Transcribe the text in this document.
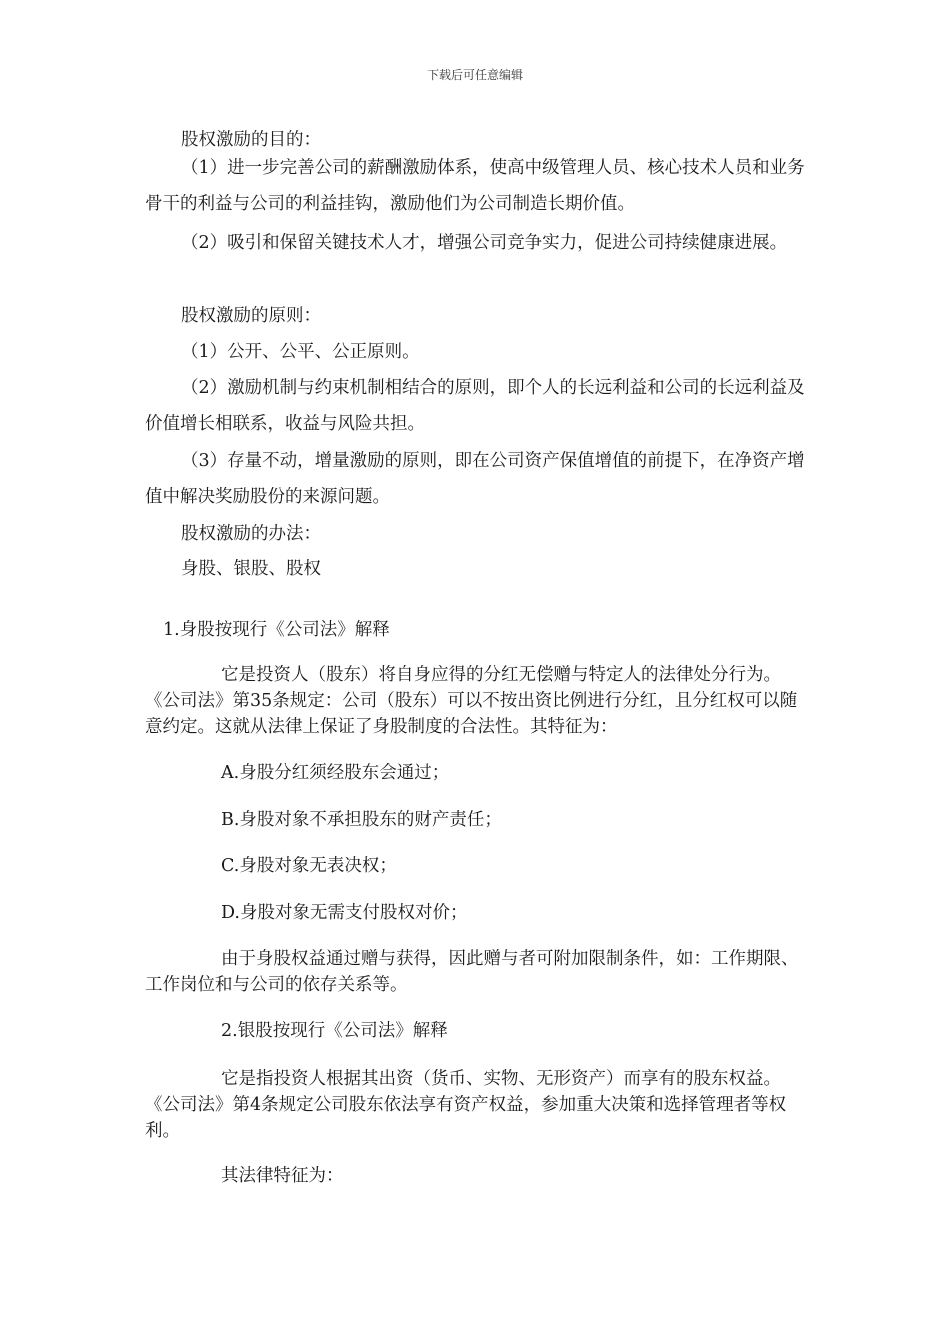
下载后可任意编辑

股权激励的目的：

（1）进一步完善公司的薪酬激励体系，使高中级管理人员、核心技术人员和业务骨干的利益与公司的利益挂钩，激励他们为公司制造长期价值。

（2）吸引和保留关键技术人才，增强公司竞争实力，促进公司持续健康进展。

股权激励的原则：

（1）公开、公平、公正原则。

（2）激励机制与约束机制相结合的原则，即个人的长远利益和公司的长远利益及价值增长相联系，收益与风险共担。

（3）存量不动，增量激励的原则，即在公司资产保值增值的前提下，在净资产增值中解决奖励股份的来源问题。

股权激励的办法：

身股、银股、股权

1.身股按现行《公司法》解释

它是投资人（股东）将自身应得的分红无偿赠与特定人的法律处分行为。《公司法》第35条规定：公司（股东）可以不按出资比例进行分红，且分红权可以随意约定。这就从法律上保证了身股制度的合法性。其特征为：

A.身股分红须经股东会通过；

B.身股对象不承担股东的财产责任；

C.身股对象无表决权；

D.身股对象无需支付股权对价；

由于身股权益通过赠与获得，因此赠与者可附加限制条件，如：工作期限、工作岗位和与公司的依存关系等。

2.银股按现行《公司法》解释

它是指投资人根据其出资（货币、实物、无形资产）而享有的股东权益。《公司法》第4条规定公司股东依法享有资产权益，参加重大决策和选择管理者等权利。

其法律特征为：
